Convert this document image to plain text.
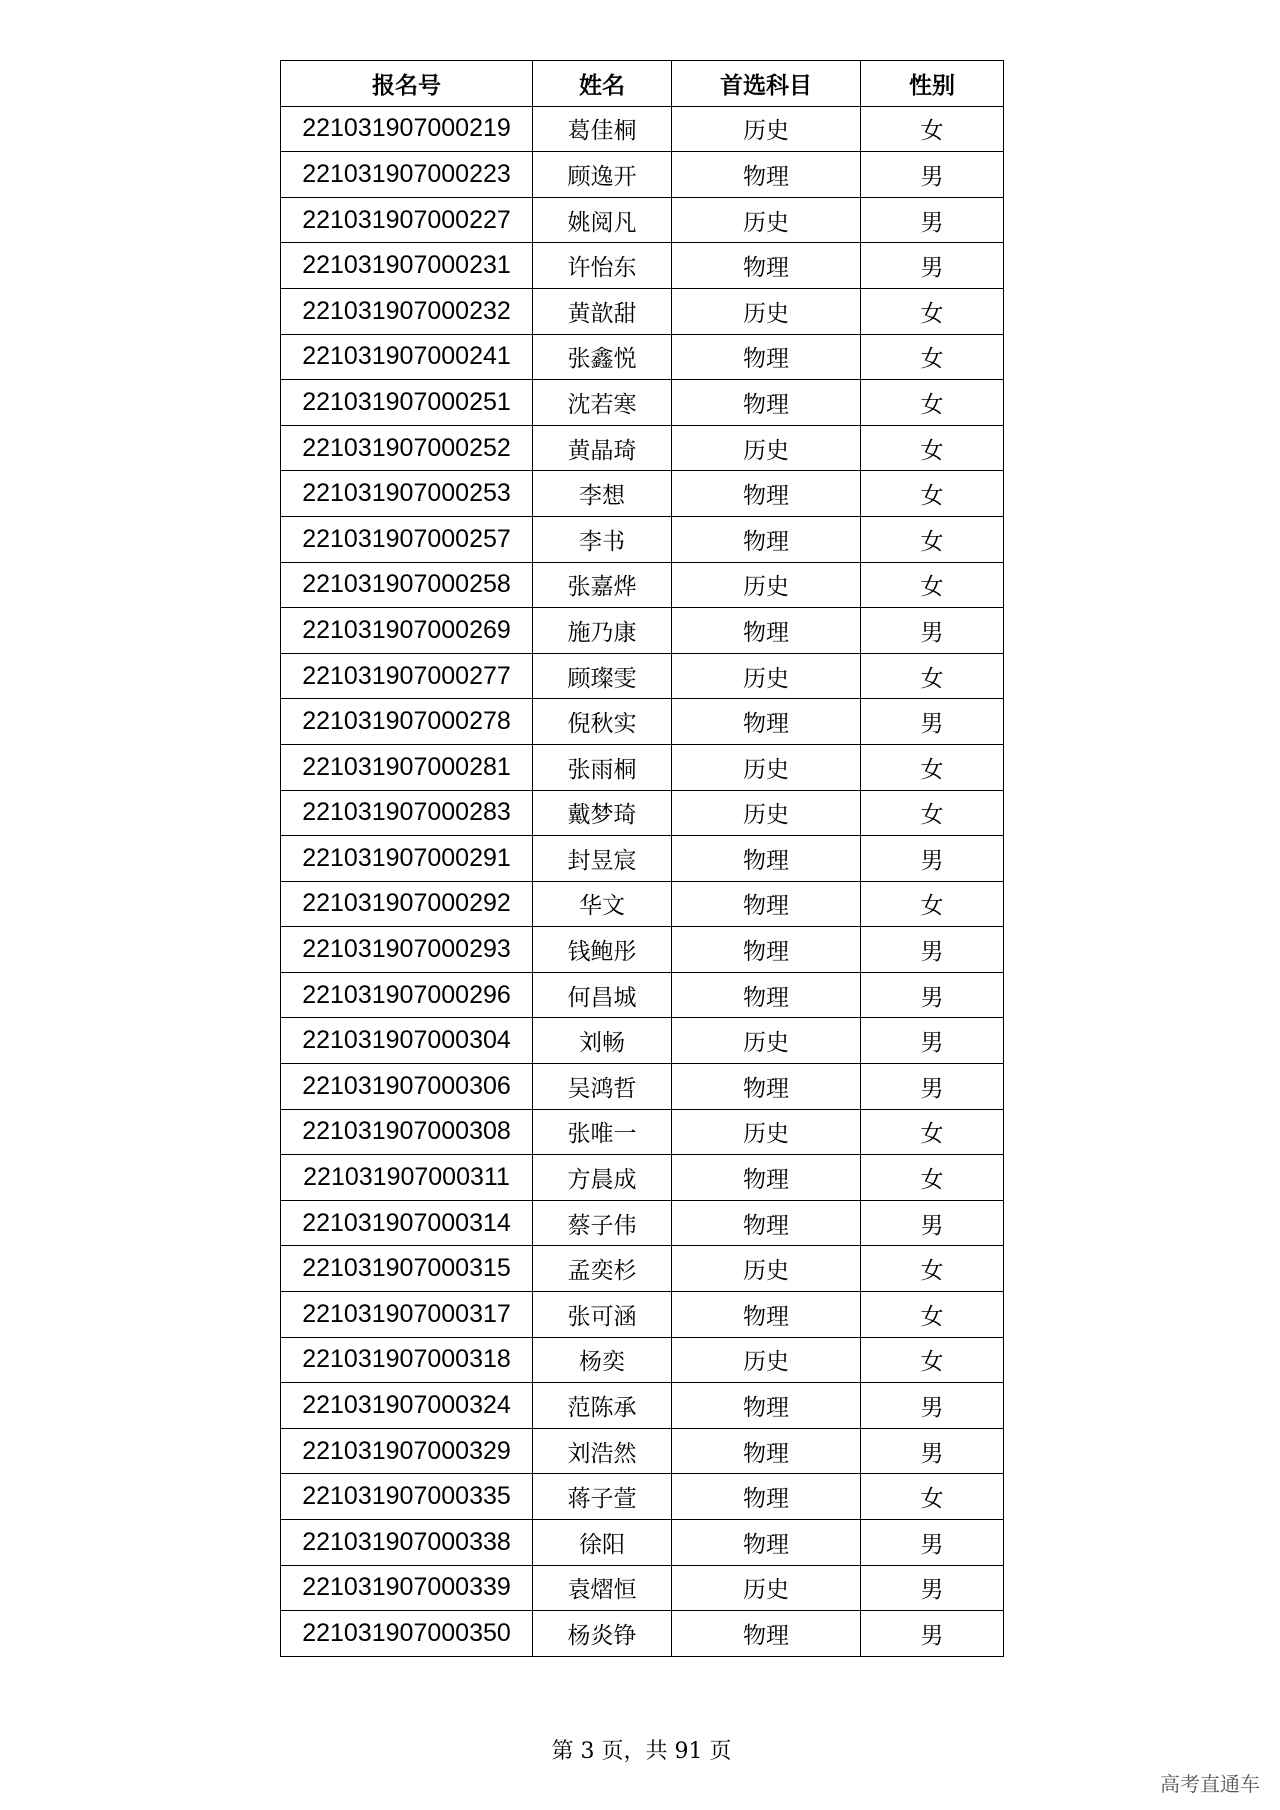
报名号	姓名	首选科目	性别
221031907000219	葛佳桐	历史	女
221031907000223	顾逸开	物理	男
221031907000227	姚阅凡	历史	男
221031907000231	许怡东	物理	男
221031907000232	黄歆甜	历史	女
221031907000241	张鑫悦	物理	女
221031907000251	沈若寒	物理	女
221031907000252	黄晶琦	历史	女
221031907000253	李想	物理	女
221031907000257	李书	物理	女
221031907000258	张嘉烨	历史	女
221031907000269	施乃康	物理	男
221031907000277	顾璨雯	历史	女
221031907000278	倪秋实	物理	男
221031907000281	张雨桐	历史	女
221031907000283	戴梦琦	历史	女
221031907000291	封昱宸	物理	男
221031907000292	华文	物理	女
221031907000293	钱鲍彤	物理	男
221031907000296	何昌城	物理	男
221031907000304	刘畅	历史	男
221031907000306	吴鸿哲	物理	男
221031907000308	张唯一	历史	女
221031907000311	方晨成	物理	女
221031907000314	蔡子伟	物理	男
221031907000315	孟奕杉	历史	女
221031907000317	张可涵	物理	女
221031907000318	杨奕	历史	女
221031907000324	范陈承	物理	男
221031907000329	刘浩然	物理	男
221031907000335	蒋子萱	物理	女
221031907000338	徐阳	物理	男
221031907000339	袁熠恒	历史	男
221031907000350	杨炎铮	物理	男
第 3 页，共 91 页
高考直通车
